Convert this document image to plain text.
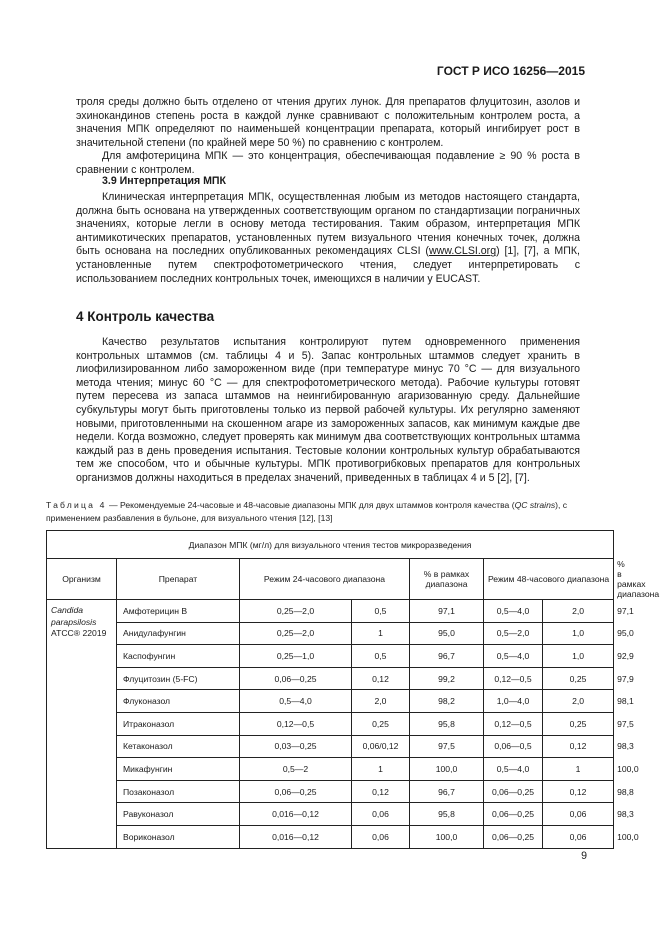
ГОСТ Р ИСО 16256—2015

троля среды должно быть отделено от чтения других лунок. Для препаратов флуцитозин, азолов и эхинокандинов степень роста в каждой лунке сравнивают с положительным контролем роста, а значения МПК определяют по наименьшей концентрации препарата, который ингибирует рост в значительной степени (по крайней мере 50 %) по сравнению с контролем.

Для амфотерицина МПК — это концентрация, обеспечивающая подавление ≥ 90 % роста в сравнении с контролем.

3.9 Интерпретация МПК

Клиническая интерпретация МПК, осуществленная любым из методов настоящего стандарта, должна быть основана на утвержденных соответствующим органом по стандартизации пограничных значениях, которые легли в основу метода тестирования. Таким образом, интерпретация МПК антимикотических препаратов, установленных путем визуального чтения конечных точек, должна быть основана на последних опубликованных рекомендациях CLSI (www.CLSI.org) [1], [7], а МПК, установленные путем спектрофотометрического чтения, следует интерпретировать с использованием последних контрольных точек, имеющихся в наличии у EUCAST.

4 Контроль качества

Качество результатов испытания контролируют путем одновременного применения контрольных штаммов (см. таблицы 4 и 5). Запас контрольных штаммов следует хранить в лиофилизированном либо замороженном виде (при температуре минус 70 °С — для визуального метода чтения; минус 60 °С — для спектрофотометрического метода). Рабочие культуры готовят путем пересева из запаса штаммов на неингибированную агаризованную среду. Дальнейшие субкультуры могут быть приготовлены только из первой рабочей культуры. Их регулярно заменяют новыми, приготовленными на скошенном агаре из замороженных запасов, как минимум каждые две недели. Когда возможно, следует проверять как минимум два соответствующих контрольных штамма каждый раз в день проведения испытания. Тестовые колонии контрольных культур обрабатываются тем же способом, что и обычные культуры. МПК противогрибковых препаратов для контрольных организмов должны находиться в пределах значений, приведенных в таблицах 4 и 5 [2], [7].

Таблица 4 — Рекомендуемые 24-часовые и 48-часовые диапазоны МПК для двух штаммов контроля качества (QC strains), с применением разбавления в бульоне, для визуального чтения [12], [13]
Диапазон МПК (мг/л) для визуального чтения тестов микроразведения							
Организм	Препарат	Режим 24-часового диапазона		% в рамках диапазона	Режим 48-часового диапазона		% в рамках диапазона
Candida parapsilosis
ATCC® 22019	Амфотерицин В	0,25—2,0	0,5	97,1	0,5—4,0	2,0	97,1
	Анидулафунгин	0,25—2,0	1	95,0	0,5—2,0	1,0	95,0
	Каспофунгин	0,25—1,0	0,5	96,7	0,5—4,0	1,0	92,9
	Флуцитозин (5-FC)	0,06—0,25	0,12	99,2	0,12—0,5	0,25	97,9
	Флуконазол	0,5—4,0	2,0	98,2	1,0—4,0	2,0	98,1
	Итраконазол	0,12—0,5	0,25	95,8	0,12—0,5	0,25	97,5
	Кетаконазол	0,03—0,25	0,06/0,12	97,5	0,06—0,5	0,12	98,3
	Микафунгин	0,5—2	1	100,0	0,5—4,0	1	100,0
	Позаконазол	0,06—0,25	0,12	96,7	0,06—0,25	0,12	98,8
	Равуконазол	0,016—0,12	0,06	95,8	0,06—0,25	0,06	98,3
	Вориконазол	0,016—0,12	0,06	100,0	0,06—0,25	0,06	100,0
9
